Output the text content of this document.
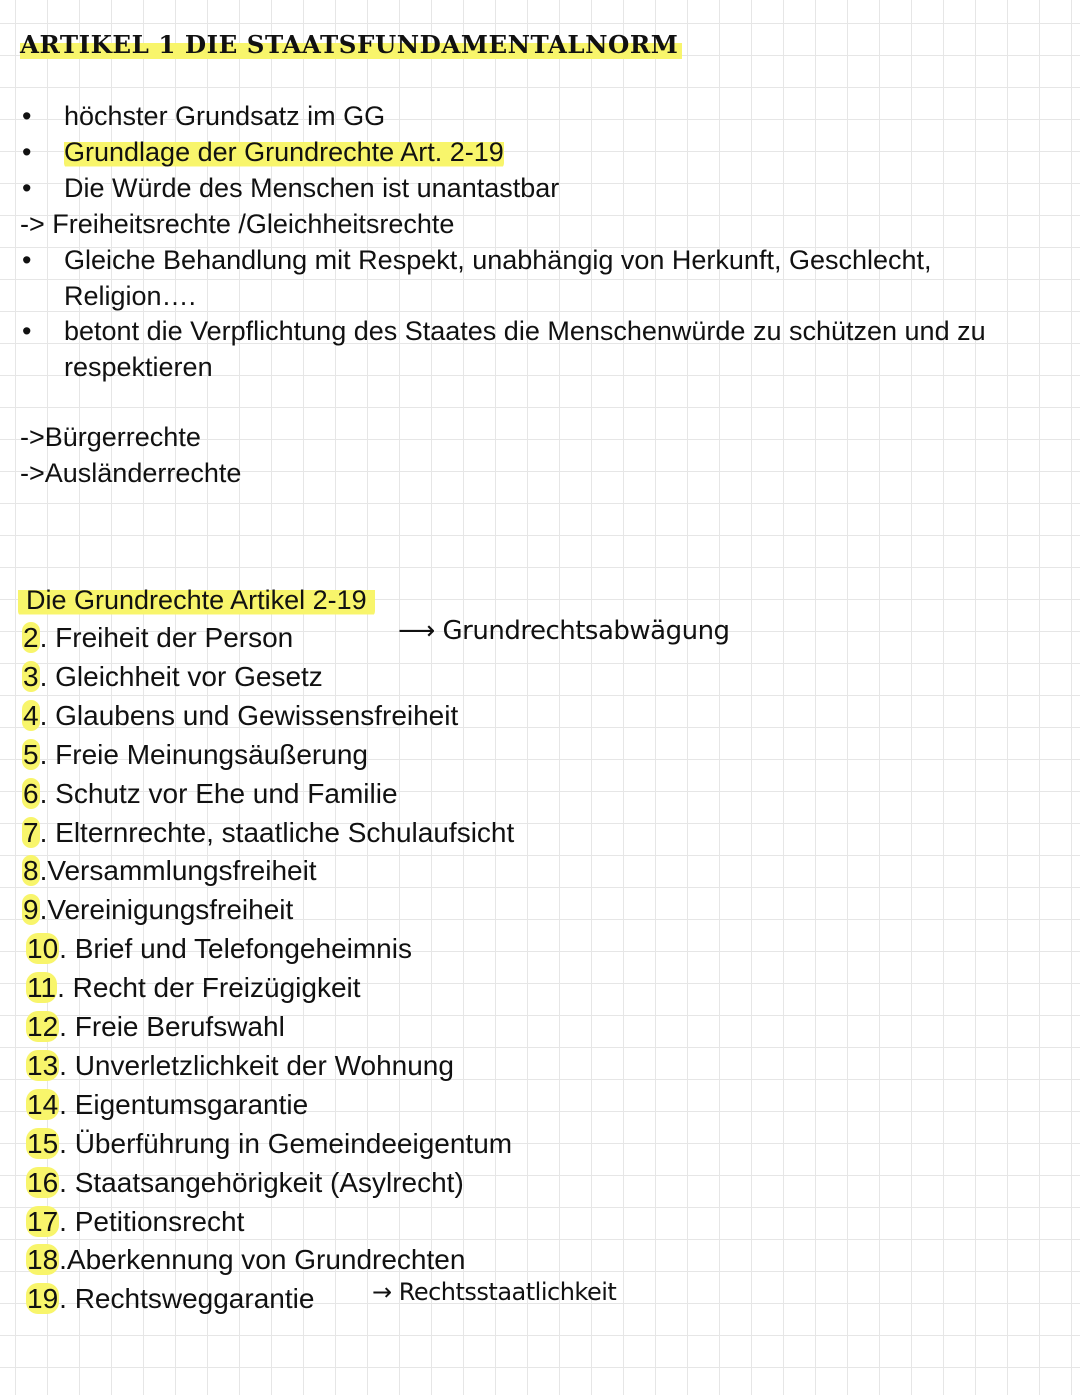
ARTIKEL 1 DIE STAATSFUNDAMENTALNORM
• höchster Grundsatz im GG
• Grundlage der Grundrechte Art. 2-19
• Die Würde des Menschen ist unantastbar
-> Freiheitsrechte /Gleichheitsrechte
• Gleiche Behandlung mit Respekt, unabhängig von Herkunft, Geschlecht,
Religion….
• betont die Verpflichtung des Staates die Menschenwürde zu schützen und zu
respektieren
->Bürgerrechte
->Ausländerrechte
Die Grundrechte Artikel 2-19
2. Freiheit der Person
3. Gleichheit vor Gesetz
4. Glaubens und Gewissensfreiheit
5. Freie Meinungsäußerung
6. Schutz vor Ehe und Familie
7. Elternrechte, staatliche Schulaufsicht
8.Versammlungsfreiheit
9.Vereinigungsfreiheit
10. Brief und Telefongeheimnis
11. Recht der Freizügigkeit
12. Freie Berufswahl
13. Unverletzlichkeit der Wohnung
14. Eigentumsgarantie
15. Überführung in Gemeindeeigentum
16. Staatsangehörigkeit (Asylrecht)
17. Petitionsrecht
18.Aberkennung von Grundrechten
19. Rechtsweggarantie
⟶ Grundrechtsabwägung
→ Rechtsstaatlichkeit
